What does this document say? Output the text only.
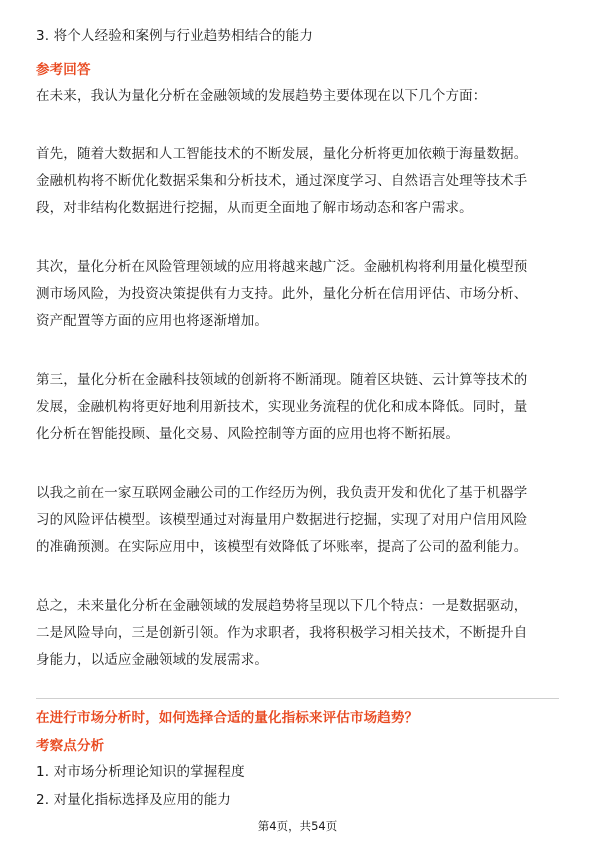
3. 将个人经验和案例与行业趋势相结合的能力
参考回答
在未来，我认为量化分析在金融领域的发展趋势主要体现在以下几个方面：
首先，随着大数据和人工智能技术的不断发展，量化分析将更加依赖于海量数据。
金融机构将不断优化数据采集和分析技术，通过深度学习、自然语言处理等技术手
段，对非结构化数据进行挖掘，从而更全面地了解市场动态和客户需求。
其次，量化分析在风险管理领域的应用将越来越广泛。金融机构将利用量化模型预
测市场风险，为投资决策提供有力支持。此外，量化分析在信用评估、市场分析、
资产配置等方面的应用也将逐渐增加。
第三，量化分析在金融科技领域的创新将不断涌现。随着区块链、云计算等技术的
发展，金融机构将更好地利用新技术，实现业务流程的优化和成本降低。同时，量
化分析在智能投顾、量化交易、风险控制等方面的应用也将不断拓展。
以我之前在一家互联网金融公司的工作经历为例，我负责开发和优化了基于机器学
习的风险评估模型。该模型通过对海量用户数据进行挖掘，实现了对用户信用风险
的准确预测。在实际应用中，该模型有效降低了坏账率，提高了公司的盈利能力。
总之，未来量化分析在金融领域的发展趋势将呈现以下几个特点：一是数据驱动，
二是风险导向，三是创新引领。作为求职者，我将积极学习相关技术，不断提升自
身能力，以适应金融领域的发展需求。
在进行市场分析时，如何选择合适的量化指标来评估市场趋势？
考察点分析
1. 对市场分析理论知识的掌握程度
2. 对量化指标选择及应用的能力
第4页，共54页
